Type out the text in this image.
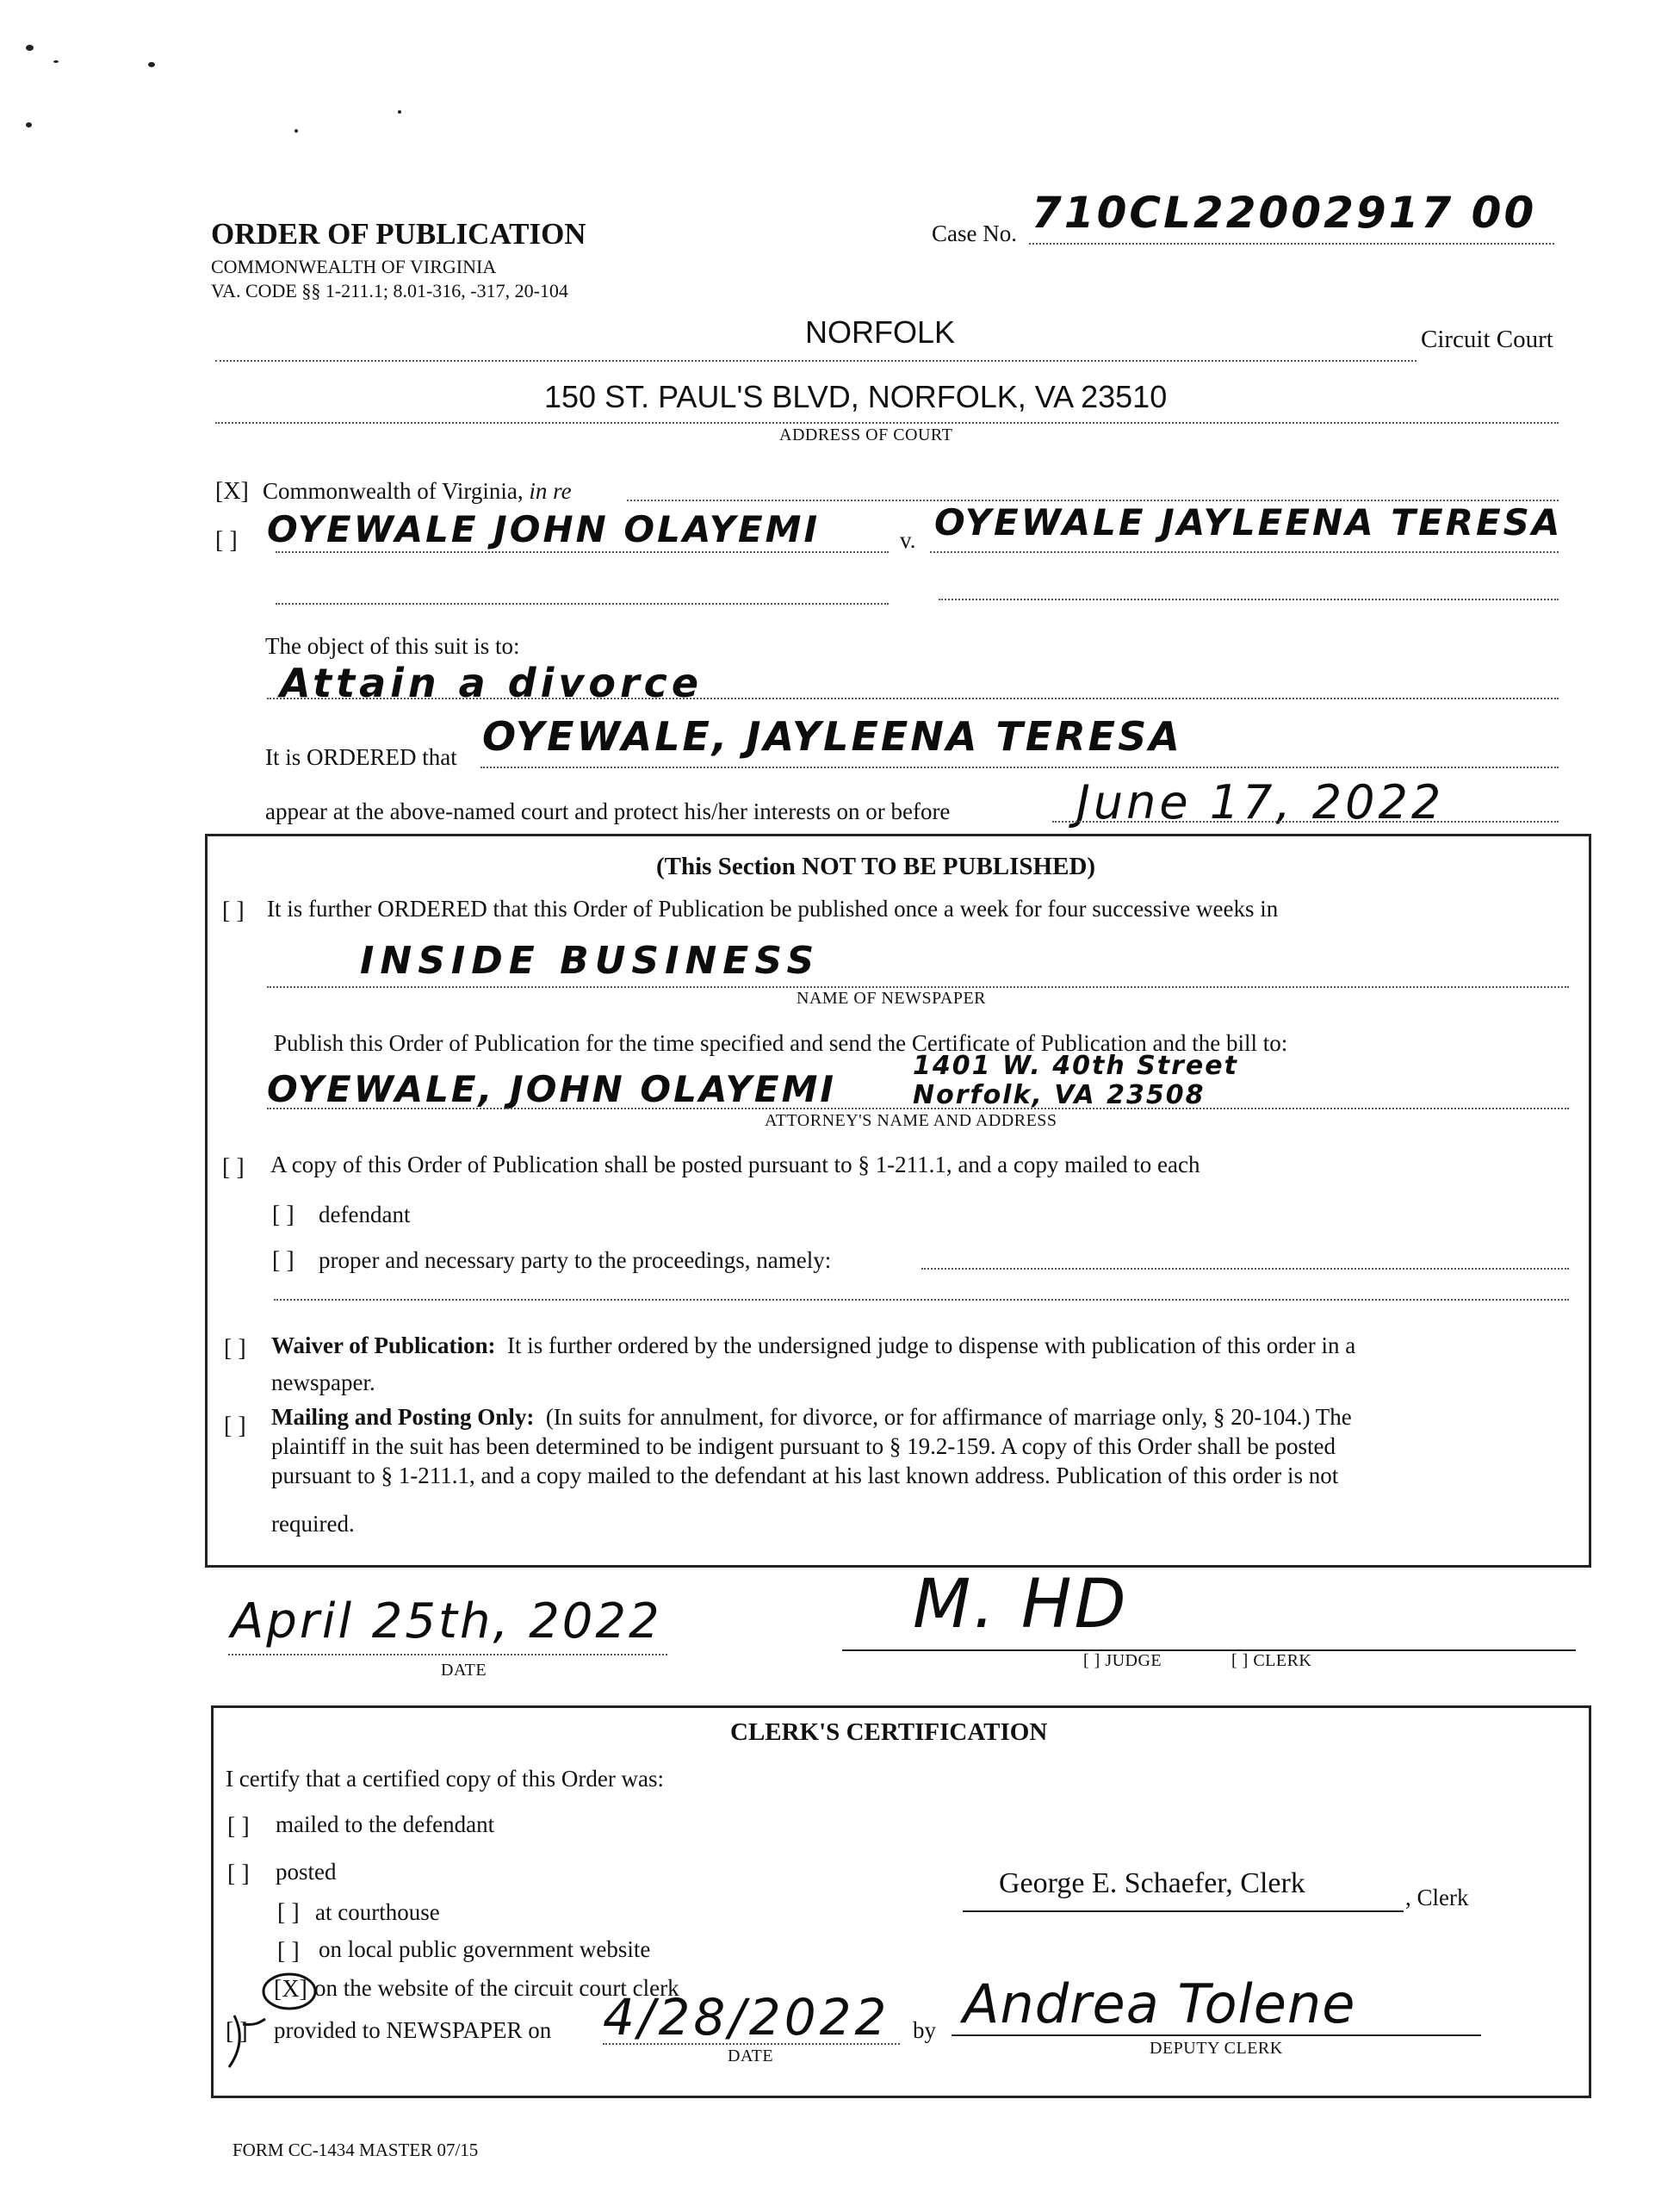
ORDER OF PUBLICATION
COMMONWEALTH OF VIRGINIA
VA. CODE §§ 1-211.1; 8.01-316, -317, 20-104
Case No. 710CL22002917 00
NORFOLK	Circuit Court
150 ST. PAUL'S BLVD, NORFOLK, VA 23510
ADDRESS OF COURT
[X] Commonwealth of Virginia, in re
[ ] OYEWALE JOHN OLAYEMI	v. OYEWALE JAYLEENA TERESA
The object of this suit is to:
Attain a divorce
It is ORDERED that OYEWALE, JAYLEENA TERESA
appear at the above-named court and protect his/her interests on or before	June 17, 2022
(This Section NOT TO BE PUBLISHED)
[ ] It is further ORDERED that this Order of Publication be published once a week for four successive weeks in
INSIDE BUSINESS
NAME OF NEWSPAPER
Publish this Order of Publication for the time specified and send the Certificate of Publication and the bill to:
OYEWALE, JOHN OLAYEMI
1401 W. 40th Street
Norfolk, VA 23508
ATTORNEY'S NAME AND ADDRESS
[ ] A copy of this Order of Publication shall be posted pursuant to § 1-211.1, and a copy mailed to each
[ ] defendant
[ ] proper and necessary party to the proceedings, namely:
[ ] Waiver of Publication: It is further ordered by the undersigned judge to dispense with publication of this order in a
newspaper.
[ ] Mailing and Posting Only: (In suits for annulment, for divorce, or for affirmance of marriage only, § 20-104.) The
plaintiff in the suit has been determined to be indigent pursuant to § 19.2-159. A copy of this Order shall be posted
pursuant to § 1-211.1, and a copy mailed to the defendant at his last known address. Publication of this order is not
required.
April 25th, 2022
DATE
M. HD
[ ] JUDGE	[ ] CLERK
CLERK'S CERTIFICATION
I certify that a certified copy of this Order was:
[ ] mailed to the defendant
[ ] posted
[ ] at courthouse
[ ] on local public government website
[X] on the website of the circuit court clerk
[ ] provided to NEWSPAPER on 4/28/2022
DATE
by
George E. Schaefer, Clerk	, Clerk
Andrea Tolene
DEPUTY CLERK
FORM CC-1434 MASTER 07/15
